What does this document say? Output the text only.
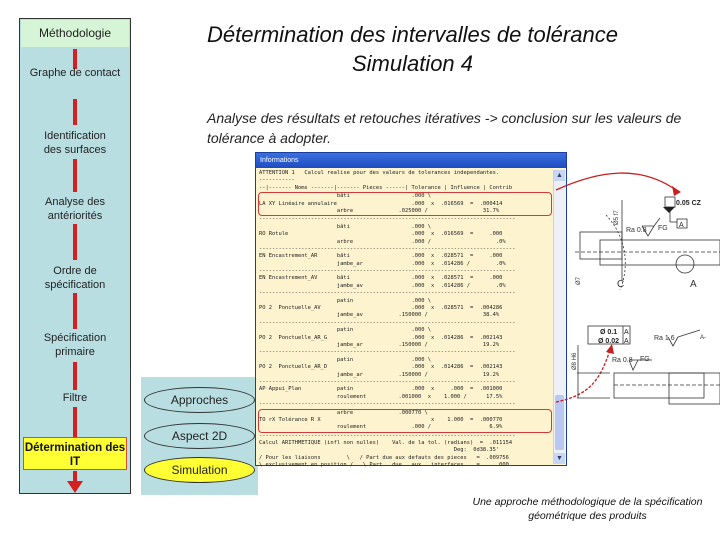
Méthodologie
Graphe de contact
Identification des surfaces
Analyse des antériorités
Ordre de spécification
Spécification primaire
Filtre
Détermination des IT
Approches
Aspect 2D
Simulation
Détermination des intervalles de tolérance
Simulation 4
Analyse des résultats et retouches itératives -> conclusion sur les valeurs de tolérance à adopter.
Informations
ATTENTION 1   Calcul realise pour des valeurs de tolerances independantes.
-----------
--|------- Noms -------|------- Pieces ------| Tolerance | Influence | Contrib
bâti                   .000 \
LA XY Linéaire annulaire                       .000  x  .016569  =  .000414
arbre              .025000 /                 31.7%
-------------------------------------------------------------------------------
bâti                   .000 \
RO Rotule                                      .000  x  .016569  =     .000
arbre                  .000 /                    .0%
-------------------------------------------------------------------------------
EN Encastrement_AR      bâti                   .000  x  .028571  =     .000
jambe_ar               .000  x  .014286 /        .0%
-------------------------------------------------------------------------------
EN Encastrement_AV      bâti                   .000  x  .028571  =     .000
jambe_av               .000  x  .014286 /        .0%
-------------------------------------------------------------------------------
patin                  .000 \
PO 2  Ponctuelle_AV                            .000  x  .028571  =  .004286
jambe_av           .150000 /                 38.4%
-------------------------------------------------------------------------------
patin                  .000 \
PO 2  Ponctuelle_AR_G                          .000  x  .014286  =  .002143
jambe_ar           .150000 /                 19.2%
-------------------------------------------------------------------------------
patin                  .000 \
PO 2  Ponctuelle_AR_D                          .000  x  .014286  =  .002143
jambe_ar           .150000 /                 19.2%
-------------------------------------------------------------------------------
AP Appui_Plan           patin                  .000  x     .000  =  .001000
roulement          .001000  x    1.000 /      17.5%
-------------------------------------------------------------------------------
arbre              .000770 \
TO rX Tolérance R X                                  x    1.000  =  .000770
roulement              .000 /                  6.9%
-------------------------------------------------------------------------------
Calcul ARITHMETIQUE (infl non nulles)    Val. de la tol. (radians)  =  .011154
Deg:  0d38.35'
/ Pour les liaisons        \   / Part due aux defauts des pieces   =  .009756
\ exclusivement en position /   \ Part   due   aux   interfaces    =     .000
▲
▼
0.05 CZ
A
Ø5 f7
Ra 0.8 FG
Ø7	C	A
Ø 0.1 A
Ø 0.02 A	Ra 1.6	A-
Ra 0.8 FG
Ø8 H6
Une approche méthodologique de la spécification géométrique des produits
